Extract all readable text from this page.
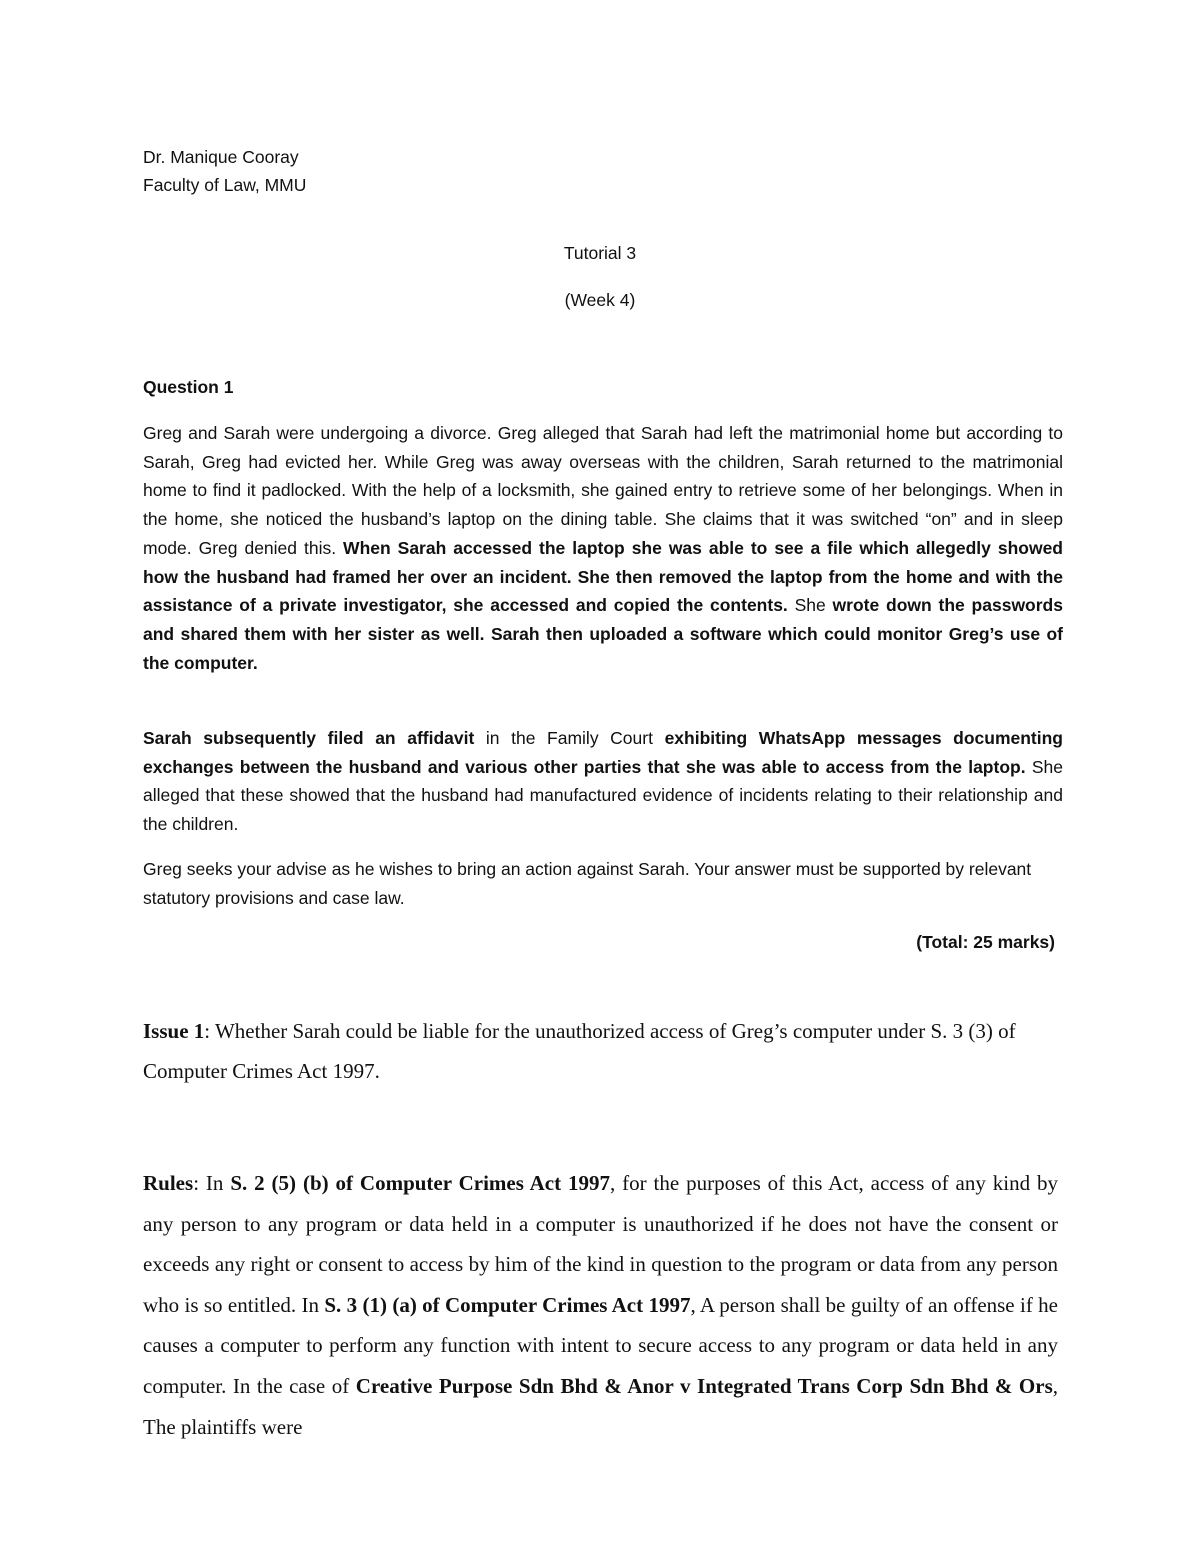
Dr. Manique Cooray
Faculty of Law, MMU
Tutorial 3
(Week 4)
Question 1

Greg and Sarah were undergoing a divorce. Greg alleged that Sarah had left the matrimonial home but according to Sarah, Greg had evicted her. While Greg was away overseas with the children, Sarah returned to the matrimonial home to find it padlocked. With the help of a locksmith, she gained entry to retrieve some of her belongings. When in the home, she noticed the husband’s laptop on the dining table. She claims that it was switched “on” and in sleep mode. Greg denied this. When Sarah accessed the laptop she was able to see a file which allegedly showed how the husband had framed her over an incident. She then removed the laptop from the home and with the assistance of a private investigator, she accessed and copied the contents. She wrote down the passwords and shared them with her sister as well. Sarah then uploaded a software which could monitor Greg’s use of the computer.

Sarah subsequently filed an affidavit in the Family Court exhibiting WhatsApp messages documenting exchanges between the husband and various other parties that she was able to access from the laptop. She alleged that these showed that the husband had manufactured evidence of incidents relating to their relationship and the children.

Greg seeks your advise as he wishes to bring an action against Sarah. Your answer must be supported by relevant statutory provisions and case law.

(Total: 25 marks)

Issue 1: Whether Sarah could be liable for the unauthorized access of Greg’s computer under S. 3 (3) of Computer Crimes Act 1997.

Rules: In S. 2 (5) (b) of Computer Crimes Act 1997, for the purposes of this Act, access of any kind by any person to any program or data held in a computer is unauthorized if he does not have the consent or exceeds any right or consent to access by him of the kind in question to the program or data from any person who is so entitled. In S. 3 (1) (a) of Computer Crimes Act 1997, A person shall be guilty of an offense if he causes a computer to perform any function with intent to secure access to any program or data held in any computer. In the case of Creative Purpose Sdn Bhd & Anor v Integrated Trans Corp Sdn Bhd & Ors, The plaintiffs were
